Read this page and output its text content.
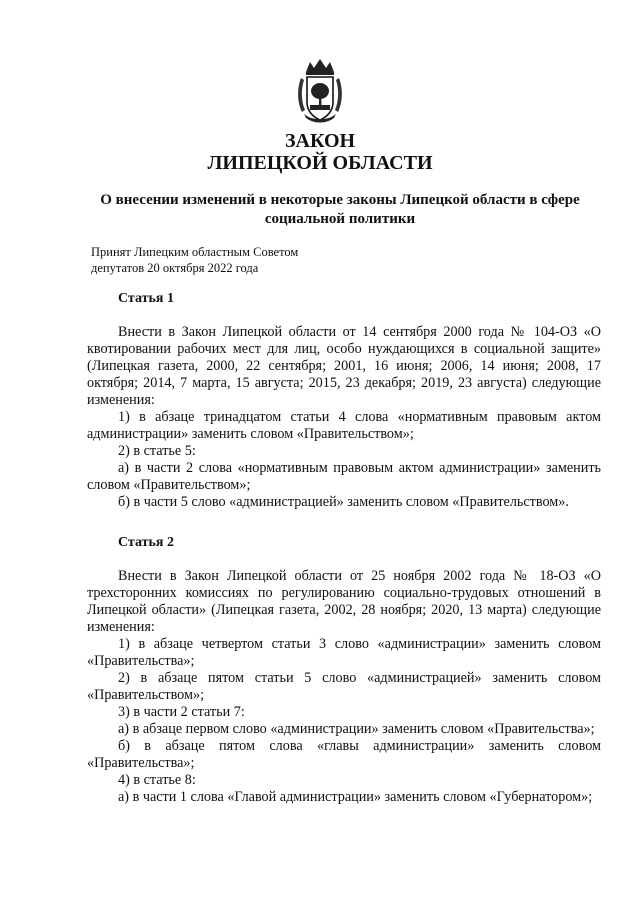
ЗАКОН
ЛИПЕЦКОЙ ОБЛАСТИ
О внесении изменений в некоторые законы Липецкой области в сфере социальной политики
Принят Липецким областным Советом
депутатов 20 октября 2022 года
Статья 1

Внести в Закон Липецкой области от 14 сентября 2000 года № 104-ОЗ «О квотировании рабочих мест для лиц, особо нуждающихся в социальной защите» (Липецкая газета, 2000, 22 сентября; 2001, 16 июня; 2006, 14 июня; 2008, 17 октября; 2014, 7 марта, 15 августа; 2015, 23 декабря; 2019, 23 августа) следующие изменения:

1) в абзаце тринадцатом статьи 4 слова «нормативным правовым актом администрации» заменить словом «Правительством»;

2) в статье 5:

а) в части 2 слова «нормативным правовым актом администрации» заменить словом «Правительством»;

б) в части 5 слово «администрацией» заменить словом «Правительством».

Статья 2

Внести в Закон Липецкой области от 25 ноября 2002 года № 18-ОЗ «О трехсторонних комиссиях по регулированию социально-трудовых отношений в Липецкой области» (Липецкая газета, 2002, 28 ноября; 2020, 13 марта) следующие изменения:

1) в абзаце четвертом статьи 3 слово «администрации» заменить словом «Правительства»;

2) в абзаце пятом статьи 5 слово «администрацией» заменить словом «Правительством»;

3) в части 2 статьи 7:

а) в абзаце первом слово «администрации» заменить словом «Правительства»;

б) в абзаце пятом слова «главы администрации» заменить словом «Правительства»;

4) в статье 8:

а) в части 1 слова «Главой администрации» заменить словом «Губернатором»;
